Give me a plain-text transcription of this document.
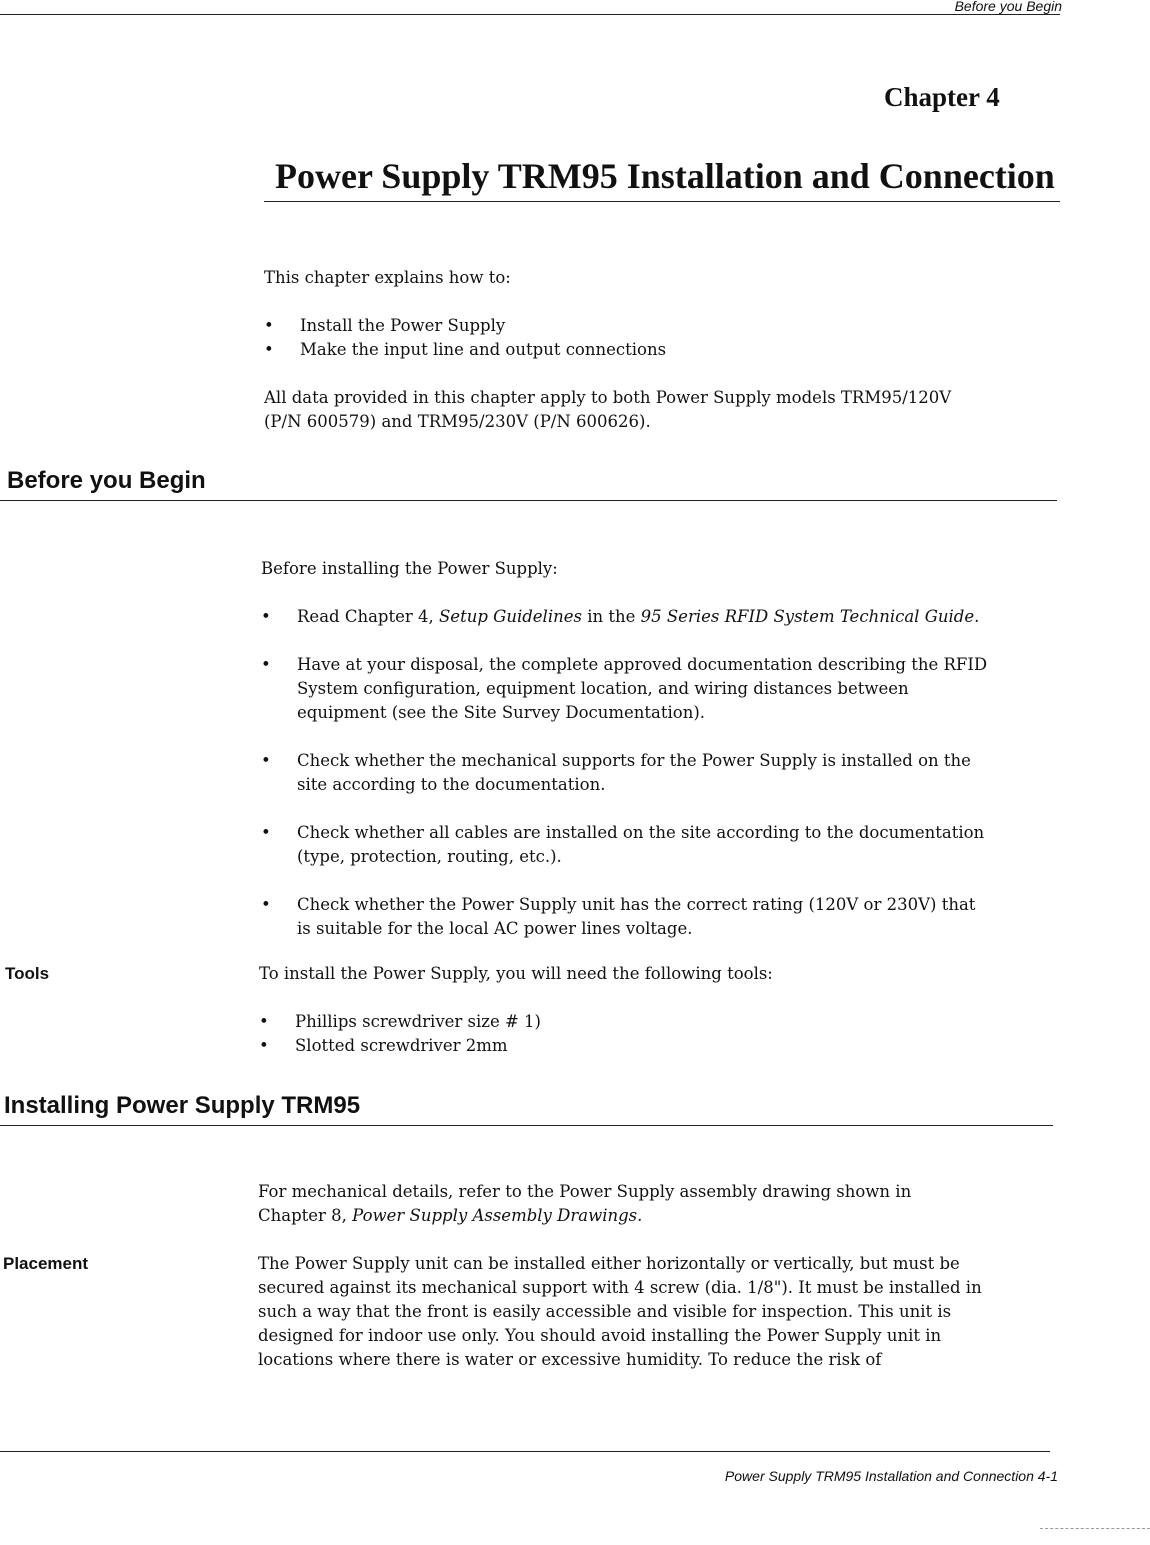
Before you Begin
Chapter 4
Power Supply TRM95 Installation and Connection

This chapter explains how to:

• Install the Power Supply
• Make the input line and output connections

All data provided in this chapter apply to both Power Supply models TRM95/120V

(P/N 600579) and TRM95/230V (P/N 600626).

Before you Begin

Before installing the Power Supply:

• Read Chapter 4, Setup Guidelines in the 95 Series RFID System Technical Guide.
• Have at your disposal, the complete approved documentation describing the RFID
System configuration, equipment location, and wiring distances between
equipment (see the Site Survey Documentation).
• Check whether the mechanical supports for the Power Supply is installed on the
site according to the documentation.
• Check whether all cables are installed on the site according to the documentation
(type, protection, routing, etc.).
• Check whether the Power Supply unit has the correct rating (120V or 230V) that
is suitable for the local AC power lines voltage.
Tools	To install the Power Supply, you will need the following tools:

• Phillips screwdriver size # 1)
• Slotted screwdriver 2mm
Installing Power Supply TRM95

For mechanical details, refer to the Power Supply assembly drawing shown in

Chapter 8, Power Supply Assembly Drawings.

Placement	The Power Supply unit can be installed either horizontally or vertically, but must be

secured against its mechanical support with 4 screw (dia. 1/8"). It must be installed in

such a way that the front is easily accessible and visible for inspection. This unit is

designed for indoor use only. You should avoid installing the Power Supply unit in

locations where there is water or excessive humidity. To reduce the risk of

Power Supply TRM95 Installation and Connection 4-1
